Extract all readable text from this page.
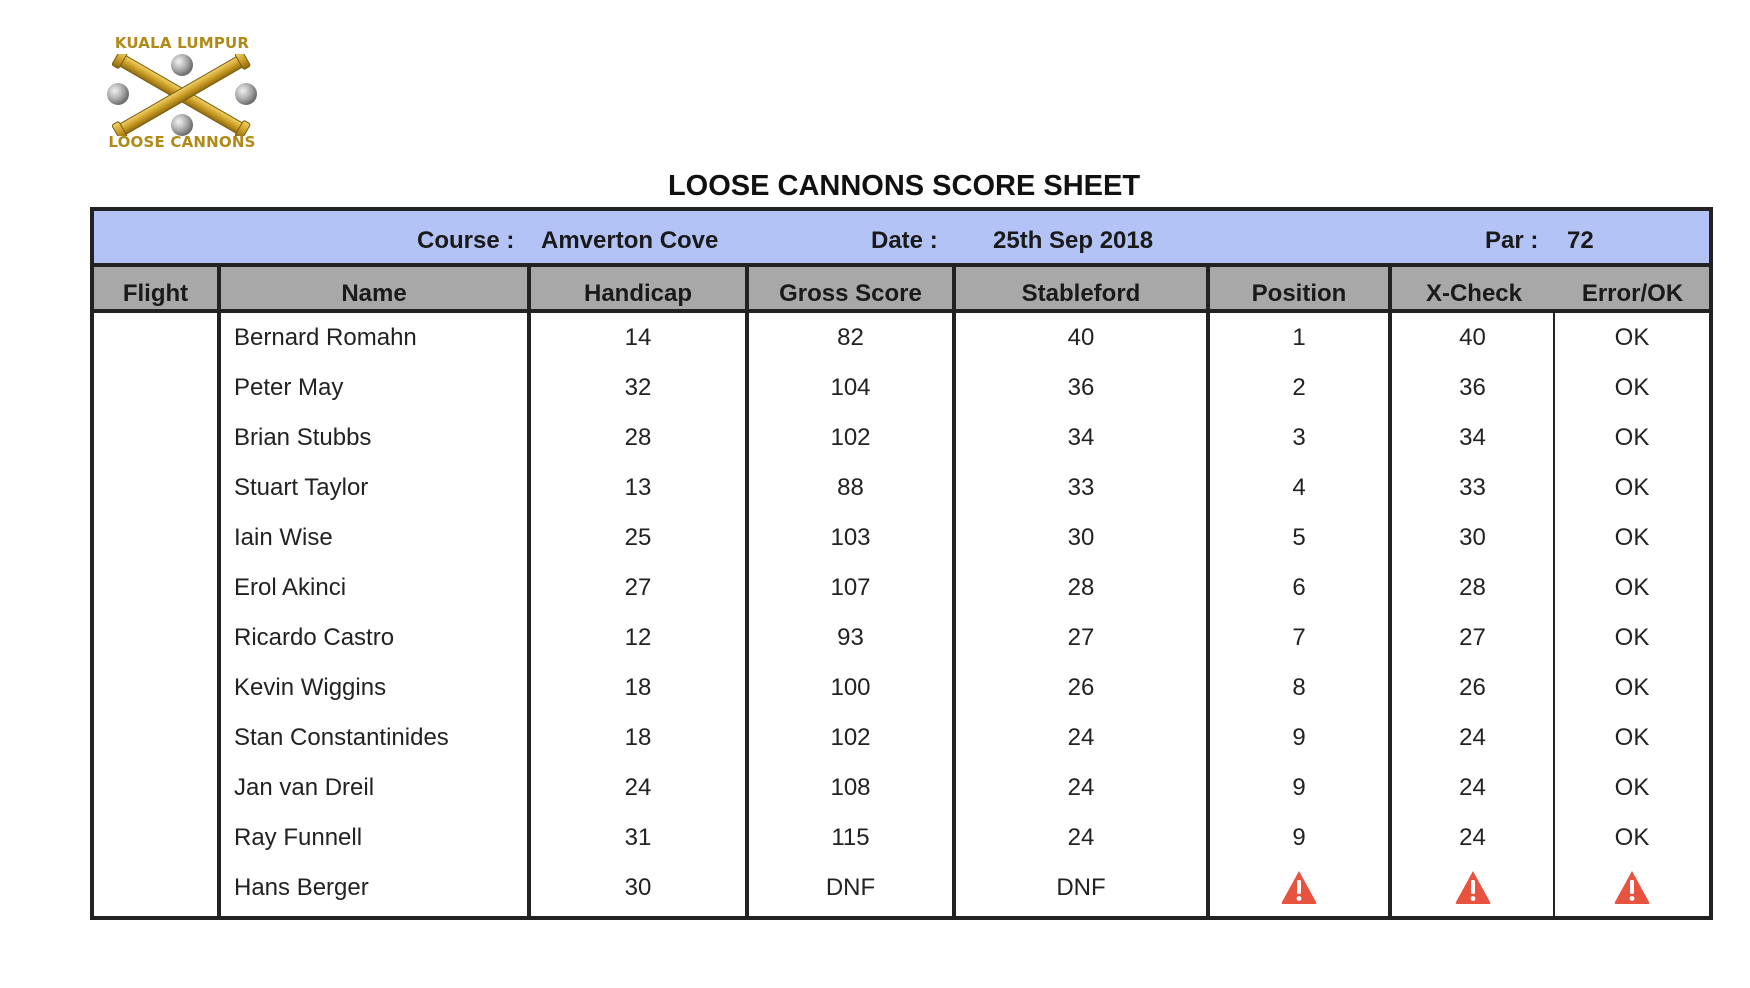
KUALA LUMPUR
LOOSE CANNONS
LOOSE CANNONS SCORE SHEET
Course : Amverton Cove	Date : 25th Sep 2018	Par : 72
Flight	Name	Handicap	Gross Score	Stableford	Position	X-Check	Error/OK
Bernard Romahn	14	82	40	1	40	OK
Peter May	32	104	36	2	36	OK
Brian Stubbs	28	102	34	3	34	OK
Stuart Taylor	13	88	33	4	33	OK
Iain Wise	25	103	30	5	30	OK
Erol Akinci	27	107	28	6	28	OK
Ricardo Castro	12	93	27	7	27	OK
Kevin Wiggins	18	100	26	8	26	OK
Stan Constantinides	18	102	24	9	24	OK
Jan van Dreil	24	108	24	9	24	OK
Ray Funnell	31	115	24	9	24	OK
Hans Berger	30	DNF	DNF
